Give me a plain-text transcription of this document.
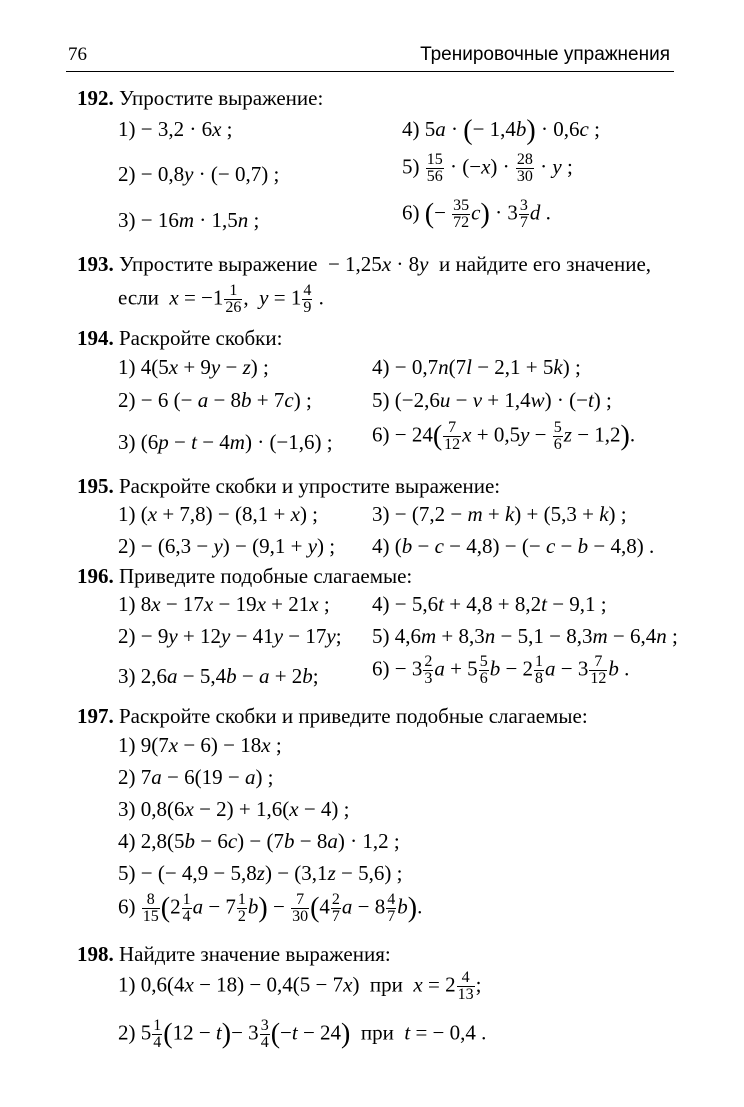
76	Тренировочные упражнения
192. Упростите выражение:
1) − 3,2 · 6x ;	4) 5a · (− 1,4b) · 0,6c ;
2) − 0,8y · (− 0,7) ;	$5) \frac{15}{56} \cdot (-x) \cdot \frac{28}{30} \cdot y$ ;
3) − 16m · 1,5n ;	6) (− $\frac{35}{72} c) \cdot 3 \frac{3}{7}$ d .
193. Упростите выражение  − 1,25x · 8y  и найдите его значение,
если  $x = -1 \frac{1}{26}$ ,  $y = 1 \frac{4}{9}$ .
194. Раскройте скобки:
1) 4(5x + 9y − z) ;	4) − 0,7n(7l − 2,1 + 5k) ;
2) − 6 (− a − 8b + 7c) ;	5) (−2,6u − v + 1,4w) · (−t) ;
3) (6p − t − 4m) · (−1,6) ; $6) - 24( \frac{7}{12}$ $x + 0,5y - \frac{5}{6}$ z − 1,2).
195. Раскройте скобки и упростите выражение:
1) (x + 7,8) − (8,1 + x) ;	3) − (7,2 − m + k) + (5,3 + k) ;
2) − (6,3 − y) − (9,1 + y) ; 4) (b − c − 4,8) − (− c − b − 4,8) .
196. Приведите подобные слагаемые:
1) 8x − 17x − 19x + 21x ; 4) − 5,6t + 4,8 + 8,2t − 9,1 ;
2) − 9y + 12y − 41y − 17y; 5) 4,6m + 8,3n − 5,1 − 8,3m − 6,4n ;
3) 2,6a − 5,4b − a + 2b;	$6) - 3 \frac{2}{3}$ $a + 5 \frac{5}{6}$ $b - 2 \frac{1}{8}$ $a - 3 \frac{7}{12}$ b .
197. Раскройте скобки и приведите подобные слагаемые:
1) 9(7x − 6) − 18x ;
2) 7a − 6(19 − a) ;
3) 0,8(6x − 2) + 1,6(x − 4) ;
4) 2,8(5b − 6c) − (7b − 8a) · 1,2 ;
5) − (− 4,9 − 5,8z) − (3,1z − 5,6) ;
$6) \frac{8}{15} (2 \frac{1}{4}$ $a - 7 \frac{1}{2} b) - \frac{7}{30} (4 \frac{2}{7}$ $a - 8 \frac{4}{7} b$).
198. Найдите значение выражения:
1) 0,6(4x − 18) − 0,4(5 − 7x)  при  $x = 2 \frac{4}{13}$ ;
2) $5 \frac{1}{4} (12 - t)- 3 \frac{3}{4} (-t - 24)$  при  t = − 0,4 .
